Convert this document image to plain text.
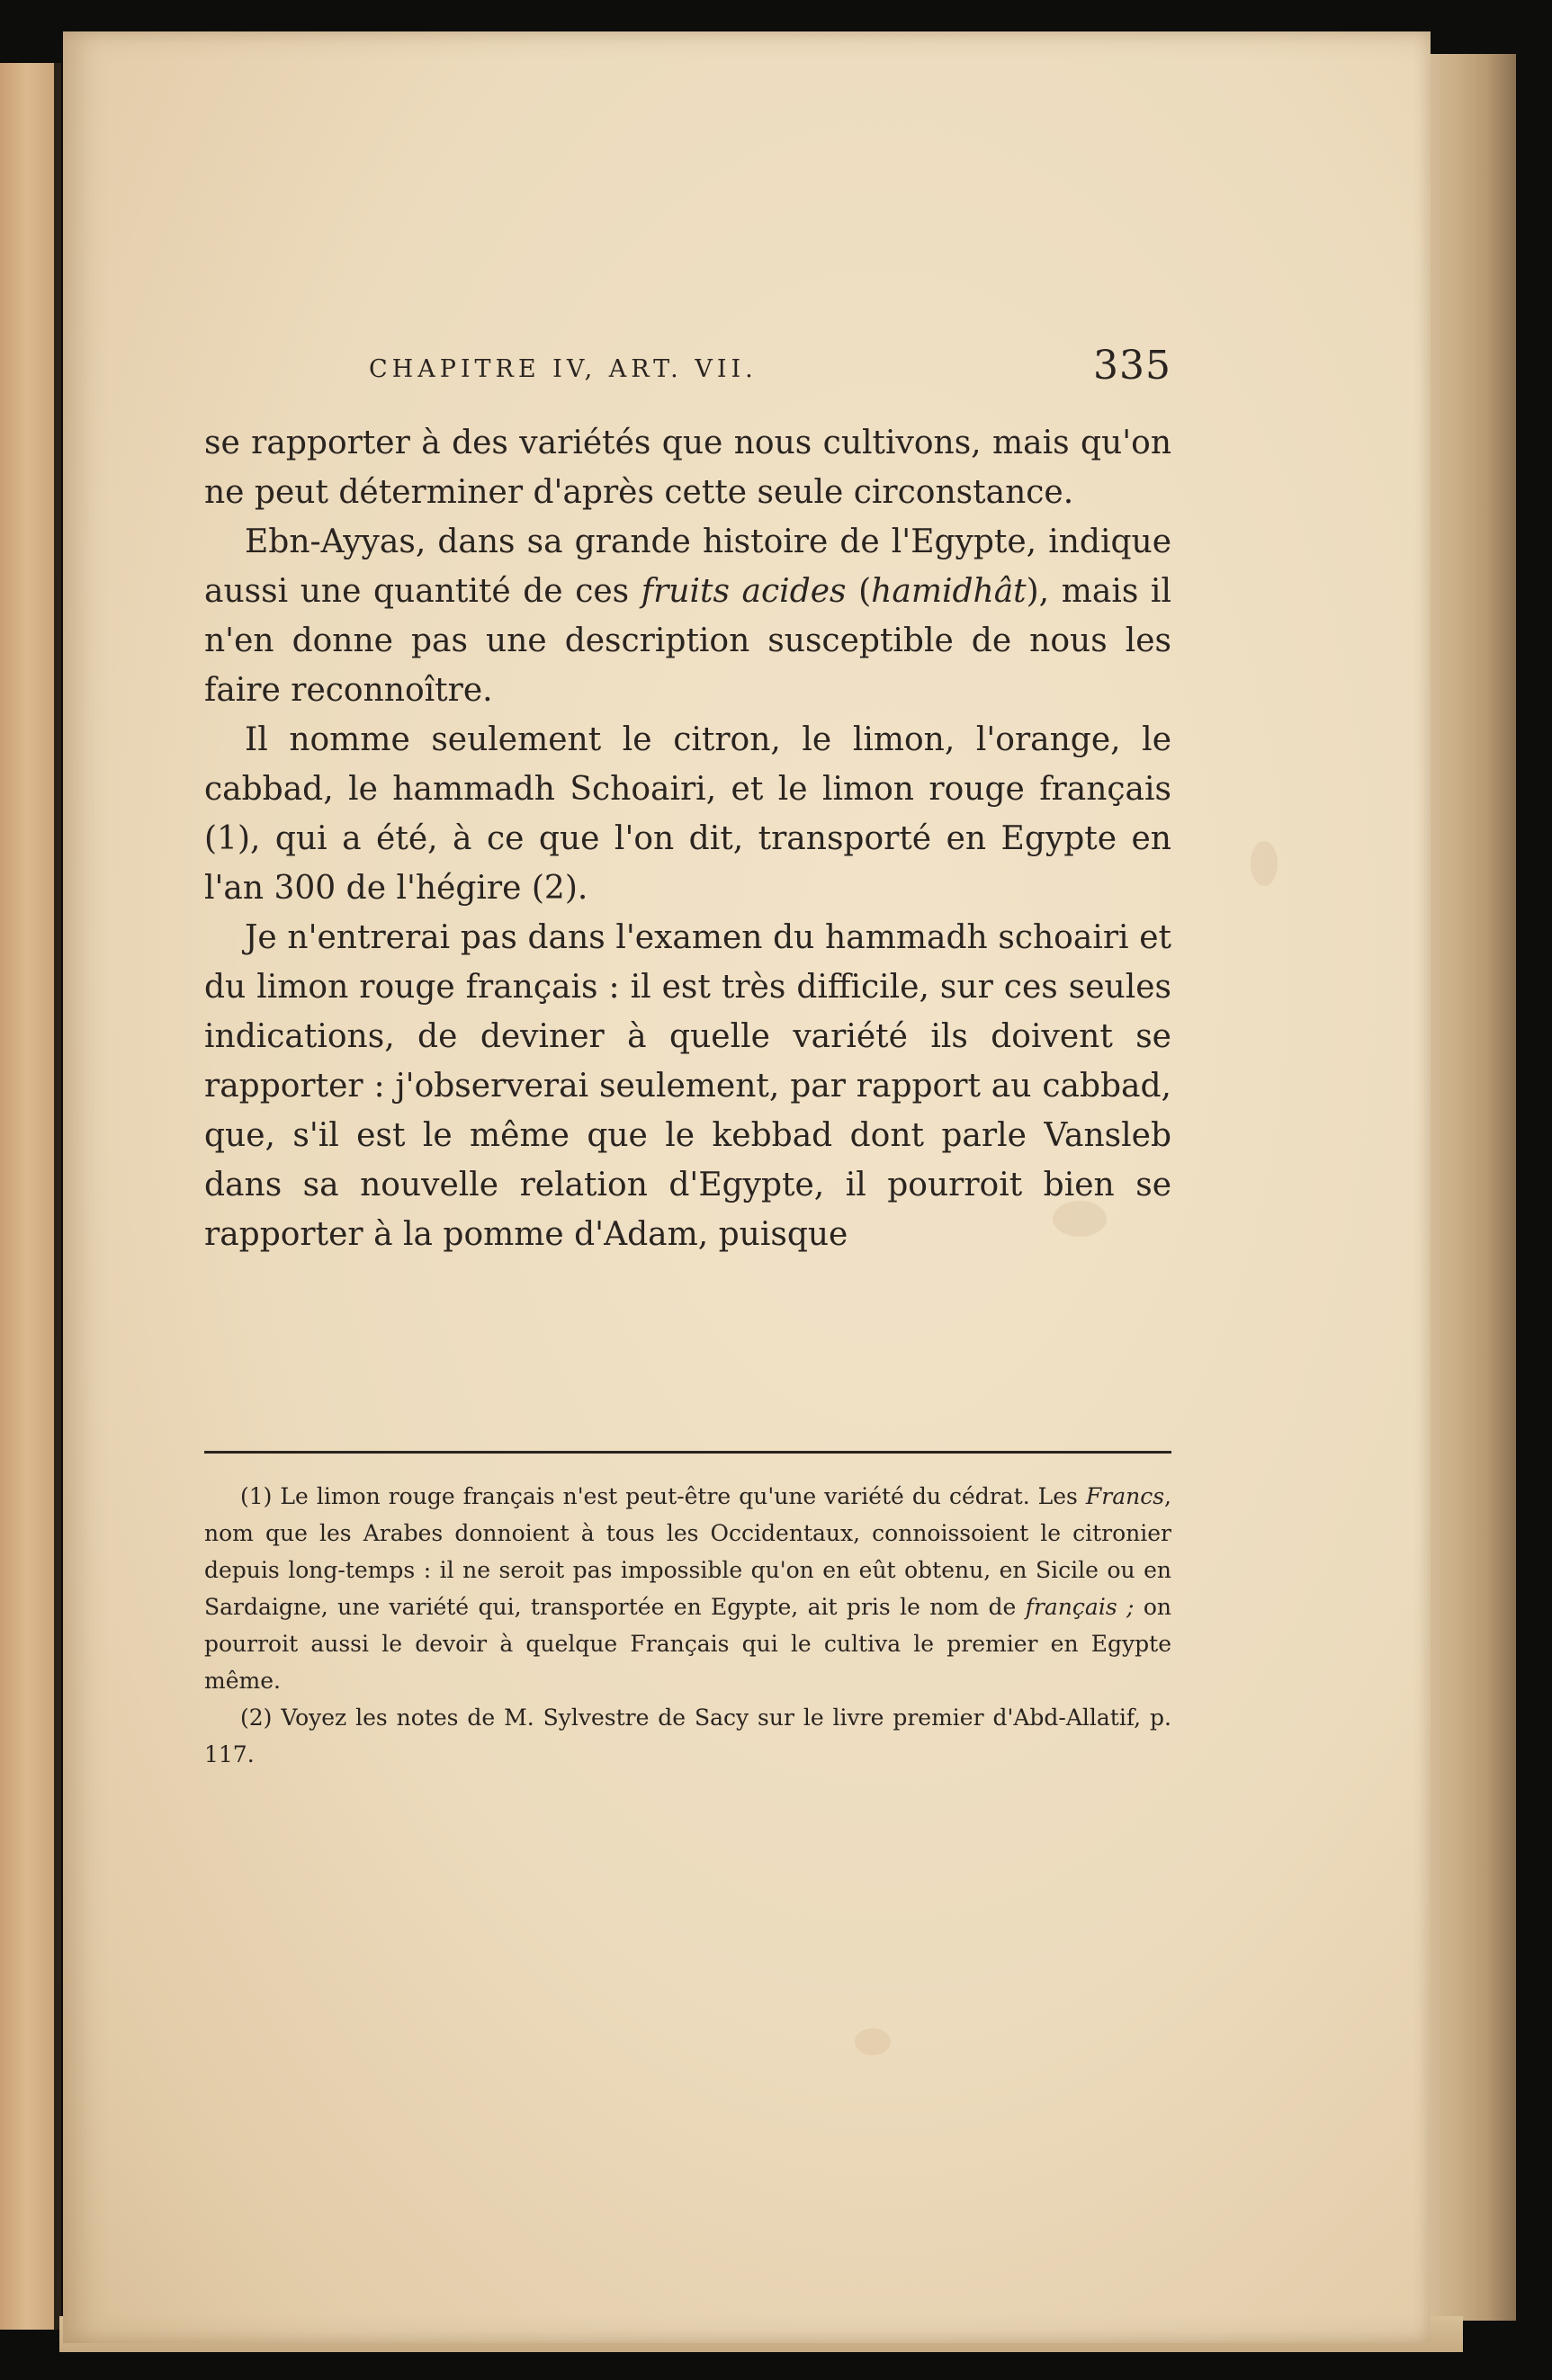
CHAPITRE IV, ART. VII.	335

se rapporter à des variétés que nous cultivons, mais qu'on ne peut déterminer d'après cette seule circonstance.

Ebn-Ayyas, dans sa grande histoire de l'Egypte, indique aussi une quantité de ces fruits acides (hamidhât), mais il n'en donne pas une description susceptible de nous les faire reconnoître.

Il nomme seulement le citron, le limon, l'orange, le cabbad, le hammadh Schoairi, et le limon rouge français (1), qui a été, à ce que l'on dit, transporté en Egypte en l'an 300 de l'hégire (2).

Je n'entrerai pas dans l'examen du hammadh schoairi et du limon rouge français : il est très difficile, sur ces seules indications, de deviner à quelle variété ils doivent se rapporter : j'observerai seulement, par rapport au cabbad, que, s'il est le même que le kebbad dont parle Vansleb dans sa nouvelle relation d'Egypte, il pourroit bien se rapporter à la pomme d'Adam, puisque

(1) Le limon rouge français n'est peut-être qu'une variété du cédrat. Les Francs, nom que les Arabes donnoient à tous les Occidentaux, connoissoient le citronier depuis long-temps : il ne seroit pas impossible qu'on en eût obtenu, en Sicile ou en Sardaigne, une variété qui, transportée en Egypte, ait pris le nom de français ; on pourroit aussi le devoir à quelque Français qui le cultiva le premier en Egypte même.

(2) Voyez les notes de M. Sylvestre de Sacy sur le livre premier d'Abd-Allatif, p. 117.
